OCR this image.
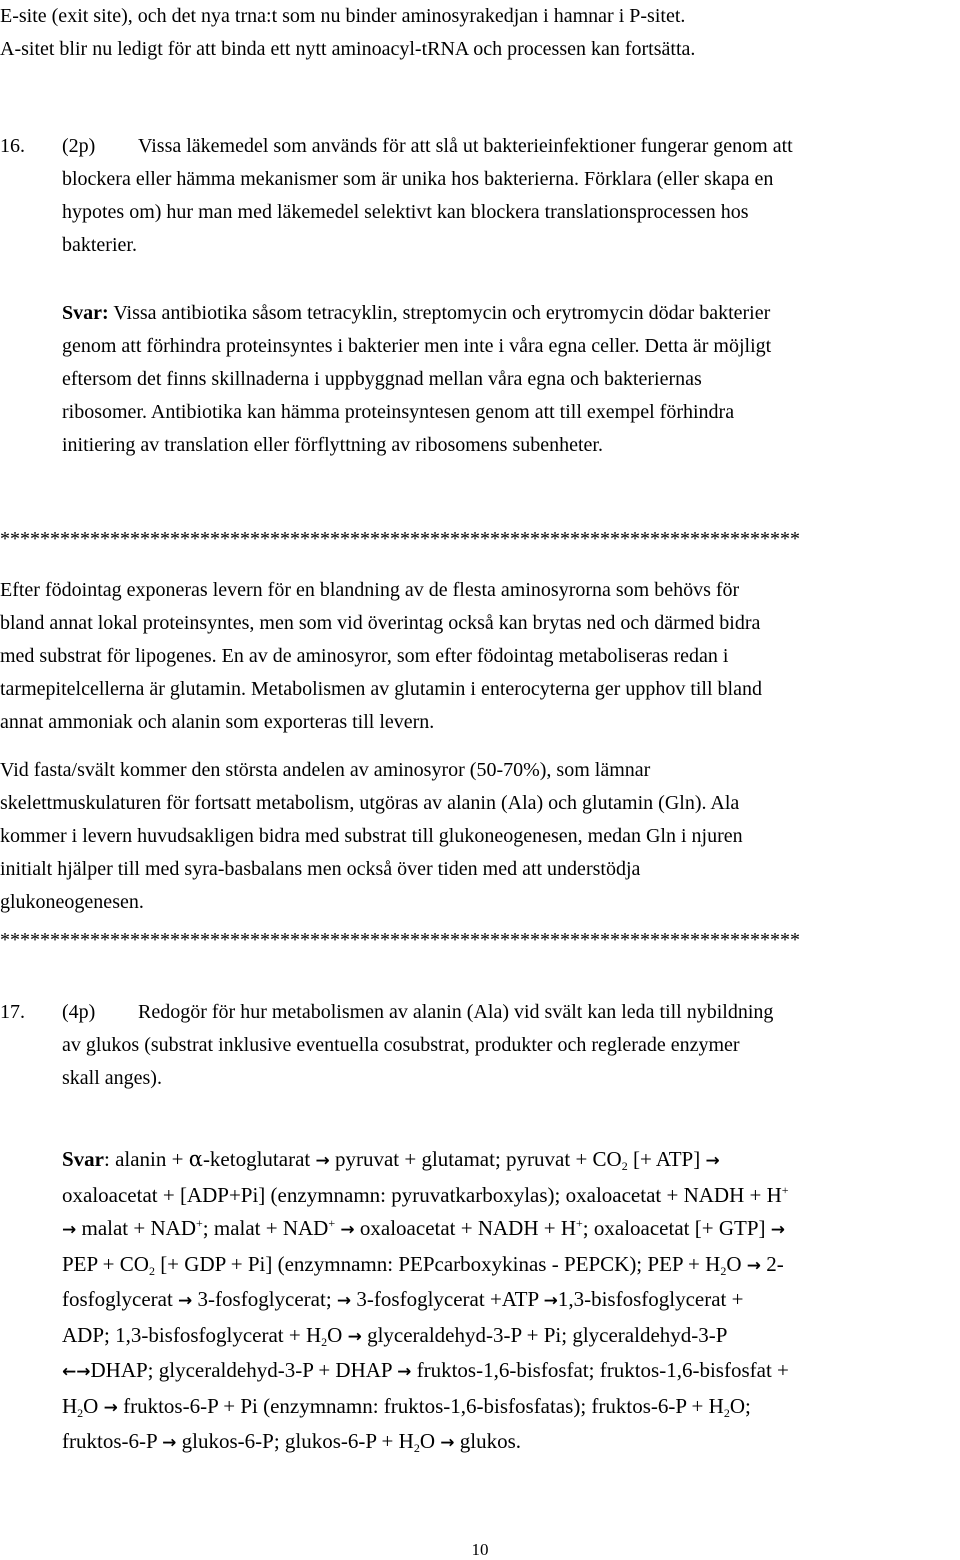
E-site (exit site), och det nya trna:t som nu binder aminosyrakedjan i hamnar i P-sitet.

A-sitet blir nu ledigt för att binda ett nytt aminoacyl-tRNA och processen kan fortsätta.

16. (2p) Vissa läkemedel som används för att slå ut bakterieinfektioner fungerar genom att

blockera eller hämma mekanismer som är unika hos bakterierna. Förklara (eller skapa en

hypotes om) hur man med läkemedel selektivt kan blockera translationsprocessen hos

bakterier.

Svar: Vissa antibiotika såsom tetracyklin, streptomycin och erytromycin dödar bakterier

genom att förhindra proteinsyntes i bakterier men inte i våra egna celler. Detta är möjligt

eftersom det finns skillnaderna i uppbyggnad mellan våra egna och bakteriernas

ribosomer. Antibiotika kan hämma proteinsyntesen genom att till exempel förhindra

initiering av translation eller förflyttning av ribosomens subenheter.

********************************************************************************

Efter födointag exponeras levern för en blandning av de flesta aminosyrorna som behövs för

bland annat lokal proteinsyntes, men som vid överintag också kan brytas ned och därmed bidra

med substrat för lipogenes. En av de aminosyror, som efter födointag metaboliseras redan i

tarmepitelcellerna är glutamin. Metabolismen av glutamin i enterocyterna ger upphov till bland

annat ammoniak och alanin som exporteras till levern.

Vid fasta/svält kommer den största andelen av aminosyror (50-70%), som lämnar

skelettmuskulaturen för fortsatt metabolism, utgöras av alanin (Ala) och glutamin (Gln). Ala

kommer i levern huvudsakligen bidra med substrat till glukoneogenesen, medan Gln i njuren

initialt hjälper till med syra-basbalans men också över tiden med att understödja

glukoneogenesen.

********************************************************************************
17. (4p) Redogör för hur metabolismen av alanin (Ala) vid svält kan leda till nybildning

av glukos (substrat inklusive eventuella cosubstrat, produkter och reglerade enzymer

skall anges).

Svar: alanin + α-ketoglutarat → pyruvat + glutamat; pyruvat + $CO_2$ [+ ATP] →

oxaloacetat + [ADP+Pi] (enzymnamn: pyruvatkarboxylas); oxaloacetat + NADH + H+

→ malat + NAD+; malat + NAD+ → oxaloacetat + NADH + H+; oxaloacetat [+ GTP] →

PEP + $CO_2$ [+ GDP + Pi] (enzymnamn: PEPcarboxykinas - PEPCK); PEP + $H_2O \to 2-$

fosfoglycerat → 3-fosfoglycerat; → 3-fosfoglycerat +ATP →1,3-bisfosfoglycerat +

ADP; 1,3-bisfosfoglycerat + $H_2O$ → glyceraldehyd-3-P + Pi; glyceraldehyd-3-P

←→DHAP; glyceraldehyd-3-P + DHAP → fruktos-1,6-bisfosfat; fruktos-1,6-bisfosfat +

$H_2O$ → fruktos-6-P + Pi (enzymnamn: fruktos-1,6-bisfosfatas); fruktos-6-P + $H_2O$;

fruktos-6-P → glukos-6-P; glukos-6-P + $H_2O$ → glukos.

10
